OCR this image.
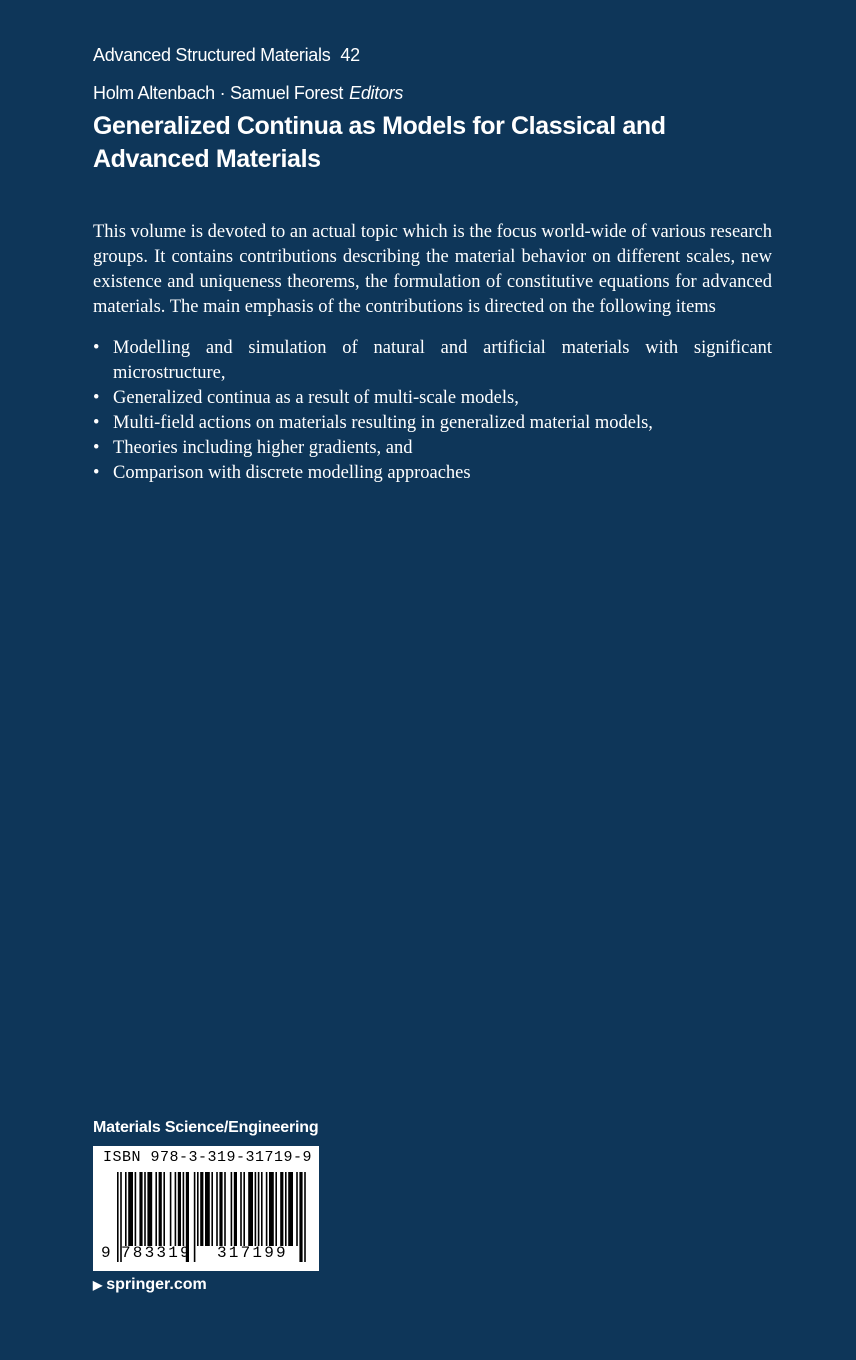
Advanced Structured Materials 42
Holm Altenbach · Samuel Forest Editors
Generalized Continua as Models for Classical and Advanced Materials

This volume is devoted to an actual topic which is the focus world-wide of various research groups. It contains contributions describing the material behavior on different scales, new existence and uniqueness theorems, the formulation of constitutive equations for advanced materials. The main emphasis of the contributions is directed on the following items

• Modelling and simulation of natural and artificial materials with significant microstructure,
• Generalized continua as a result of multi-scale models,
• Multi-field actions on materials resulting in generalized material models,
• Theories including higher gradients, and
• Comparison with discrete modelling approaches
Materials Science/Engineering
ISBN 978-3-319-31719-9
9 783319 317199
▶ springer.com
